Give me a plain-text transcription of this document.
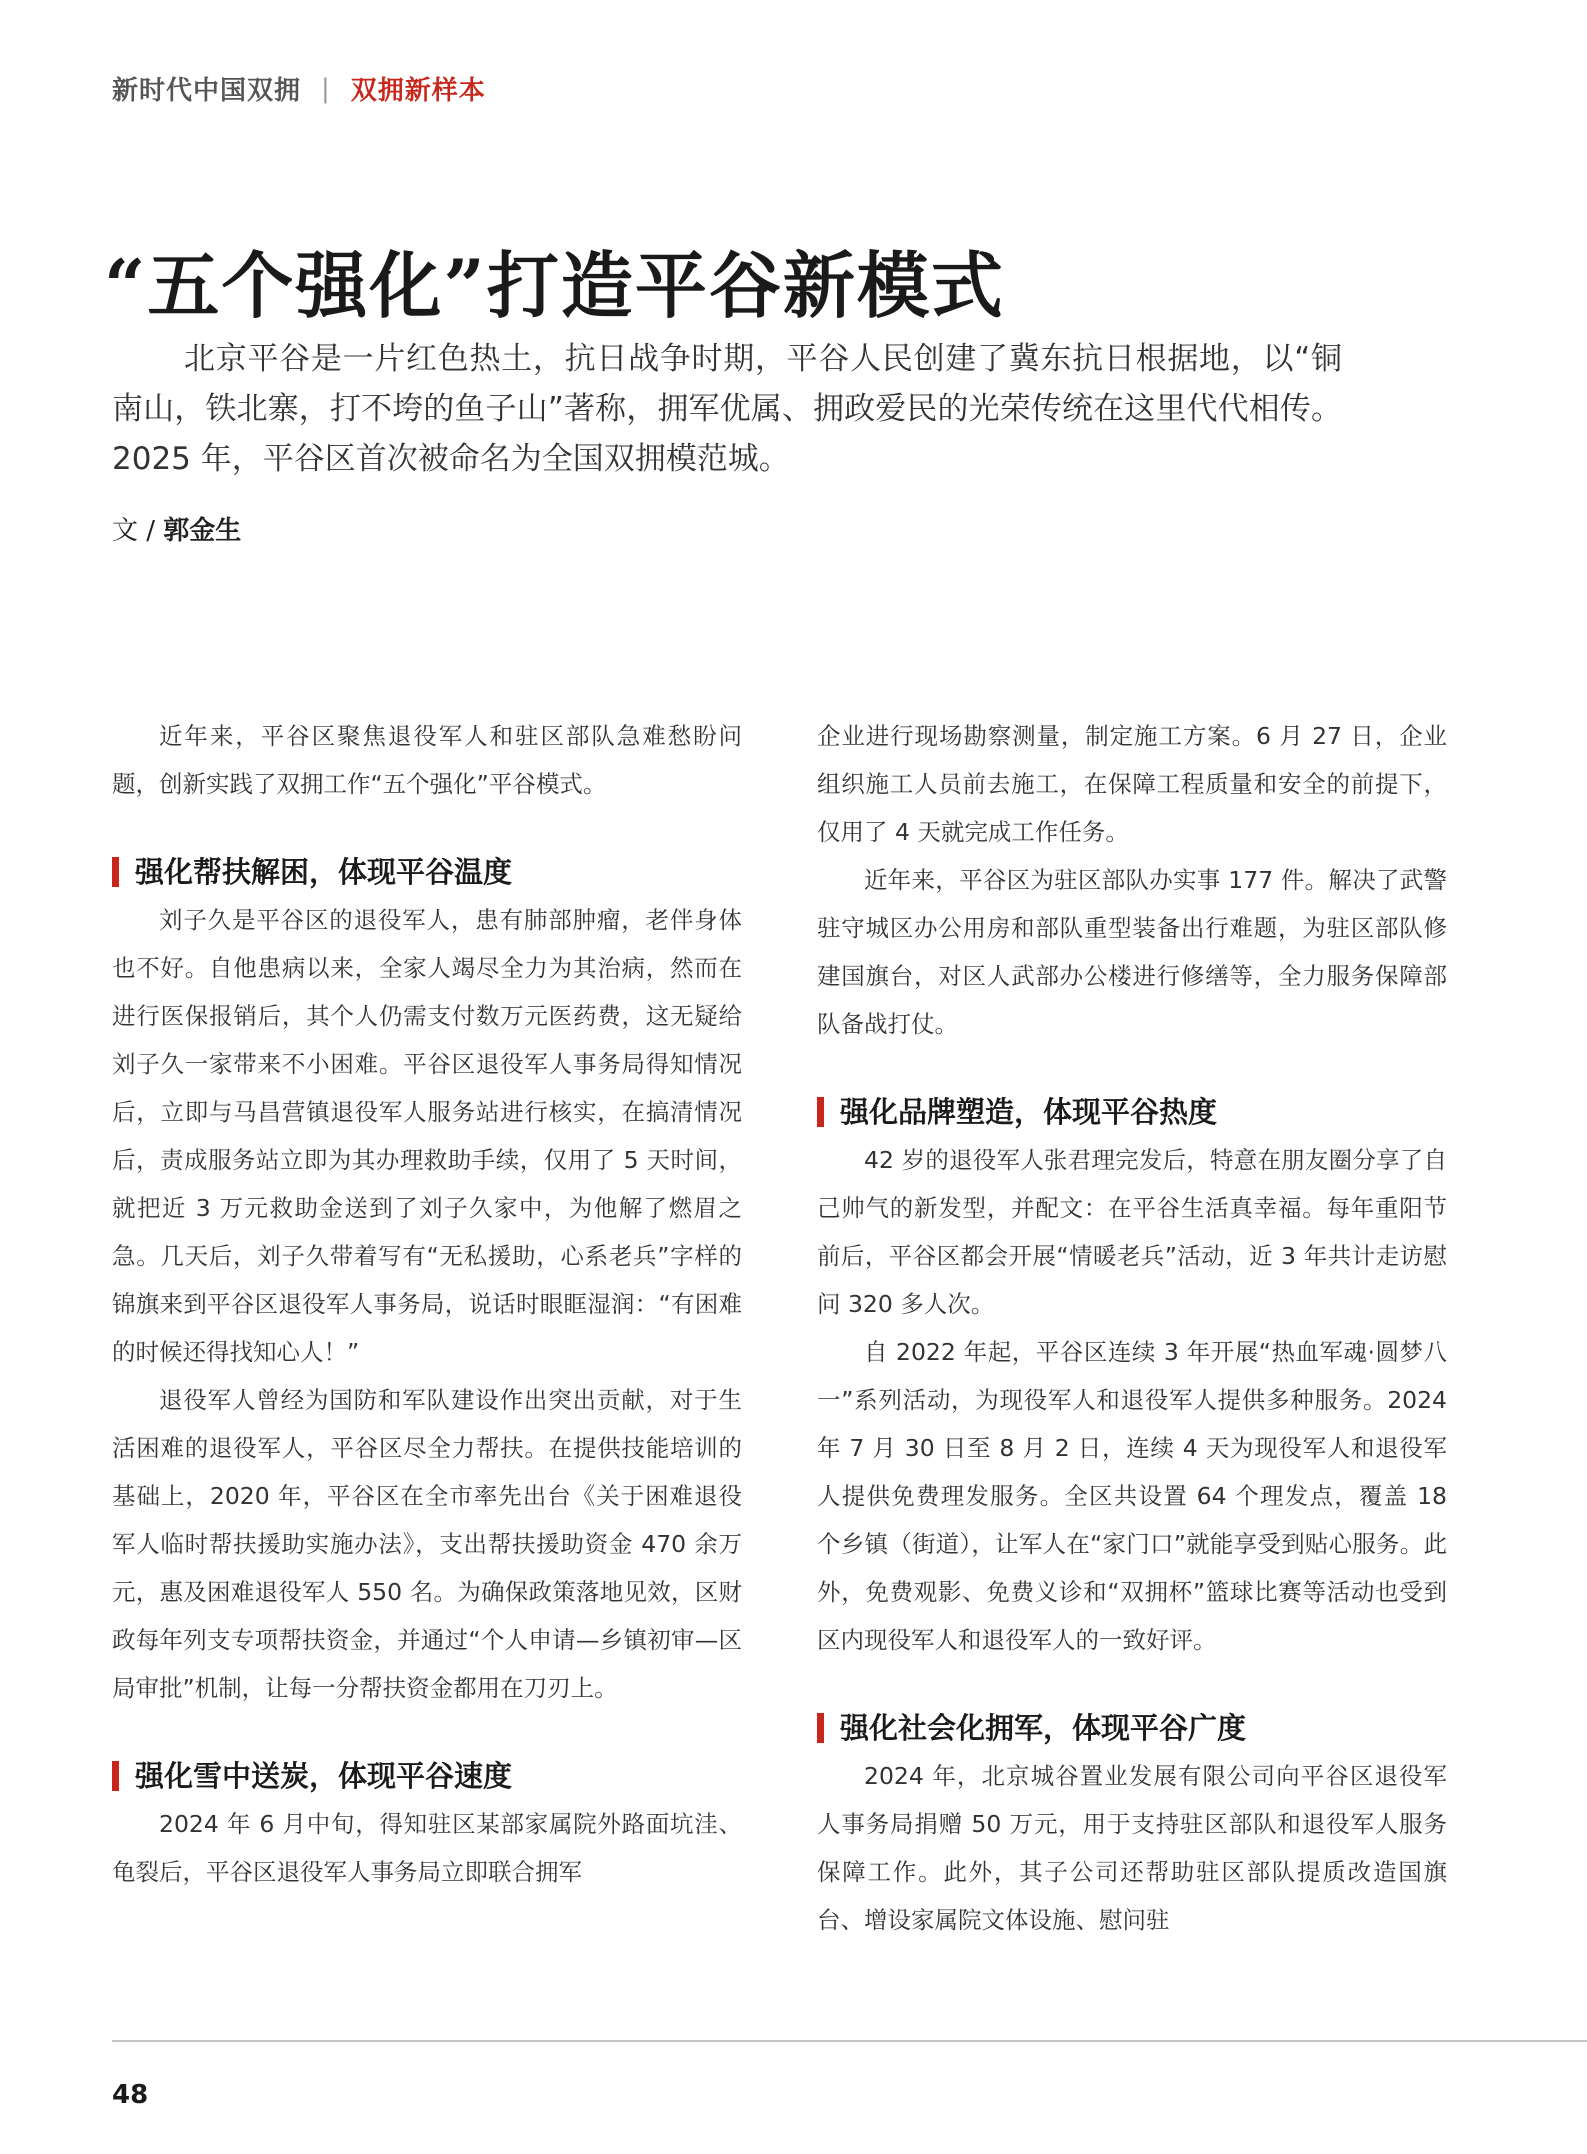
新时代中国双拥 | 双拥新样本
“五个强化”打造平谷新模式

北京平谷是一片红色热土，抗日战争时期，平谷人民创建了冀东抗日根据地，以“铜南山，铁北寨，打不垮的鱼子山”著称，拥军优属、拥政爱民的光荣传统在这里代代相传。2025 年，平谷区首次被命名为全国双拥模范城。

文 / 郭金生

近年来，平谷区聚焦退役军人和驻区部队急难愁盼问题，创新实践了双拥工作“五个强化”平谷模式。

强化帮扶解困，体现平谷温度

刘子久是平谷区的退役军人，患有肺部肿瘤，老伴身体也不好。自他患病以来，全家人竭尽全力为其治病，然而在进行医保报销后，其个人仍需支付数万元医药费，这无疑给刘子久一家带来不小困难。平谷区退役军人事务局得知情况后，立即与马昌营镇退役军人服务站进行核实，在搞清情况后，责成服务站立即为其办理救助手续，仅用了 5 天时间，就把近 3 万元救助金送到了刘子久家中，为他解了燃眉之急。几天后，刘子久带着写有“无私援助，心系老兵”字样的锦旗来到平谷区退役军人事务局，说话时眼眶湿润：“有困难的时候还得找知心人！”

退役军人曾经为国防和军队建设作出突出贡献，对于生活困难的退役军人，平谷区尽全力帮扶。在提供技能培训的基础上，2020 年，平谷区在全市率先出台《关于困难退役军人临时帮扶援助实施办法》，支出帮扶援助资金 470 余万元，惠及困难退役军人 550 名。为确保政策落地见效，区财政每年列支专项帮扶资金，并通过“个人申请—乡镇初审—区局审批”机制，让每一分帮扶资金都用在刀刃上。

强化雪中送炭，体现平谷速度

2024 年 6 月中旬，得知驻区某部家属院外路面坑洼、龟裂后，平谷区退役军人事务局立即联合拥军

企业进行现场勘察测量，制定施工方案。6 月 27 日，企业组织施工人员前去施工，在保障工程质量和安全的前提下，仅用了 4 天就完成工作任务。

近年来，平谷区为驻区部队办实事 177 件。解决了武警驻守城区办公用房和部队重型装备出行难题，为驻区部队修建国旗台，对区人武部办公楼进行修缮等，全力服务保障部队备战打仗。

强化品牌塑造，体现平谷热度

42 岁的退役军人张君理完发后，特意在朋友圈分享了自己帅气的新发型，并配文：在平谷生活真幸福。每年重阳节前后，平谷区都会开展“情暖老兵”活动，近 3 年共计走访慰问 320 多人次。

自 2022 年起，平谷区连续 3 年开展“热血军魂·圆梦八一”系列活动，为现役军人和退役军人提供多种服务。2024 年 7 月 30 日至 8 月 2 日，连续 4 天为现役军人和退役军人提供免费理发服务。全区共设置 64 个理发点，覆盖 18 个乡镇（街道），让军人在“家门口”就能享受到贴心服务。此外，免费观影、免费义诊和“双拥杯”篮球比赛等活动也受到区内现役军人和退役军人的一致好评。

强化社会化拥军，体现平谷广度

2024 年，北京城谷置业发展有限公司向平谷区退役军人事务局捐赠 50 万元，用于支持驻区部队和退役军人服务保障工作。此外，其子公司还帮助驻区部队提质改造国旗台、增设家属院文体设施、慰问驻

48
